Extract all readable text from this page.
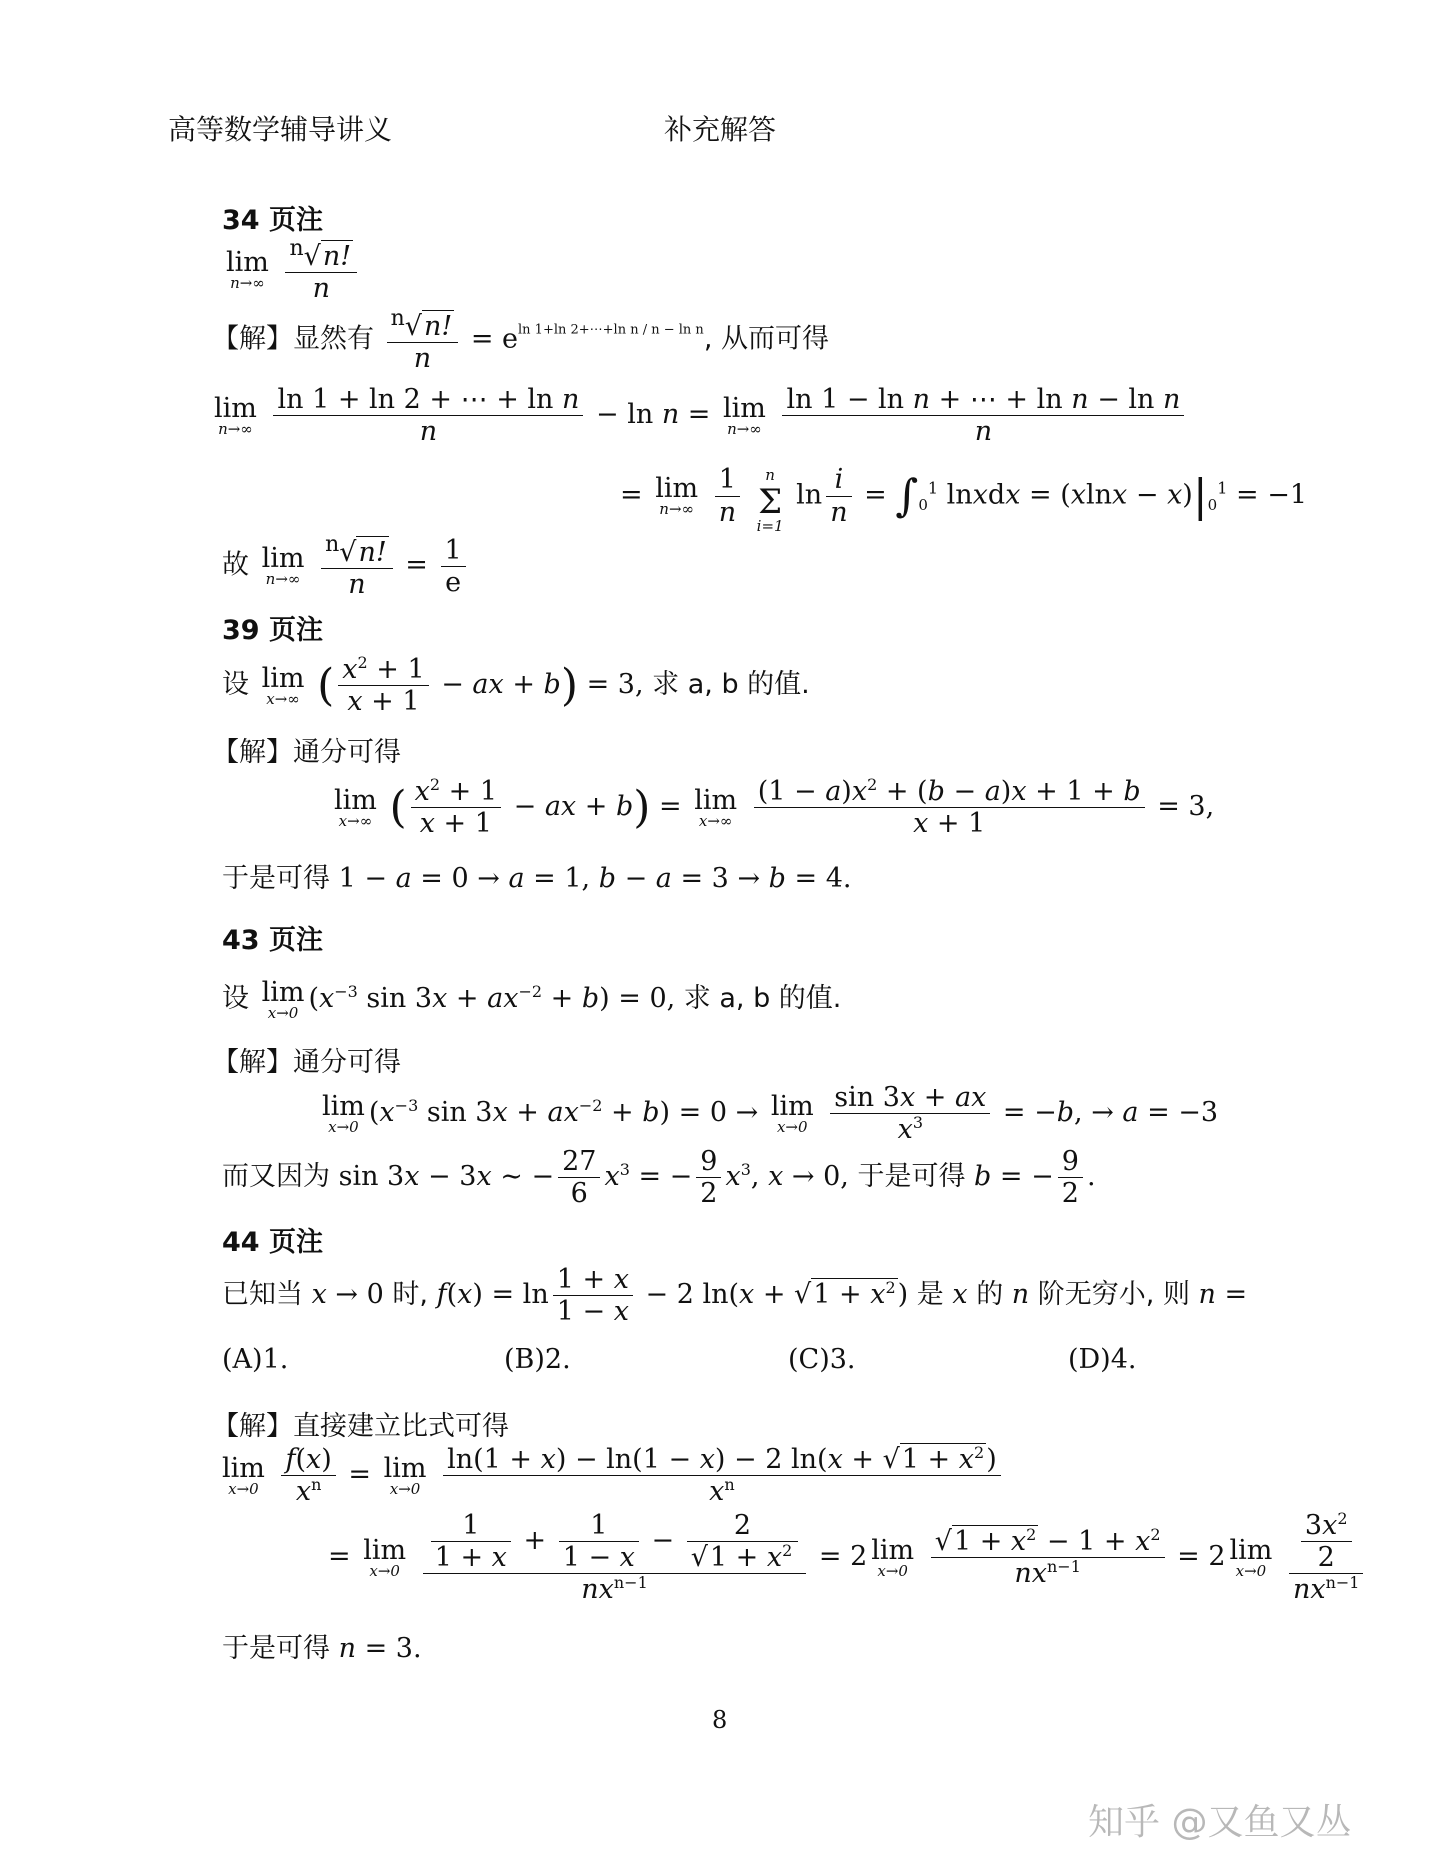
高等数学辅导讲义	补充解答
34 页注
lim
n→∞
$\frac{^n√n!}{n}$
【解】显然有 $\frac{^n√n!}{n} = e^{ln 1+ln 2+\cdots+ln n / n - ln n}$, 从而可得
lim
n→∞
$\frac{\text{ln 1 + ln 2 + ⋯ + ln n}}{n} - \ln n = \lim$
n→∞
$\frac{\text{ln 1 − ln n + ⋯ + ln n − ln n}}{n}$
= lim
n→∞
$\frac{1}{n}$ n
Σ
i=1
$\ln \frac{i}{n} = \int_0^1$ lnxdx = $(xlnx - x)|_0^1 = -1$
故 lim
n→∞
$\frac{^n√n!}{n} = \frac{1}{e}$
39 页注
设 lim
x→∞ ( $\frac{x^2 + 1}{x + 1}$ − ax + b) = 3, 求 a, b 的值.
【解】通分可得
lim
x→∞ ( $\frac{x^2 + 1}{x + 1}$ − ax + b) = lim
x→∞
$\frac{(1 - a)x^2 + (b - a)x + 1 + b}{x + 1} = 3$,
于是可得 1 − a = 0 → a = 1, b − a = 3 → b = 4.
43 页注
设 lim
x→0 ($x^{-3}$ $\sin 3x + ax^{-2} + b) = 0$, 求 a, b 的值.
【解】通分可得
lim
x→0 ($x^{-3}$ $\sin 3x + ax^{-2} + b) = 0 \to \lim$
x→0
$\frac{\sin 3x + ax}{x^3} = -b$, → a = −3
而又因为 sin 3x − 3x ∼ − $\frac{27}{6} x^3$ = − $\frac{9}{2} x^3$, x → 0, 于是可得 b = − $\frac{9}{2}$ .
44 页注
已知当 x → 0 时, $f(x) = \ln \frac{1 + x}{1 - x} - 2$ $\ln(x + √1 + x^2)$ 是 x 的 n 阶无穷小, 则 n =
(A)1.	(B)2.	(C)3.	(D)4.
【解】直接建立比式可得
lim
x→0
$\frac{f(x)}{x^n} = \lim$
x→0
$\frac{\ln(1 + x) - \ln(1 - x) - 2 \ln(x + √1 + x^2)}{x^n}$
= lim
x→0
$\frac{\frac{1}{1 + x} + \frac{1}{1 - x} - \frac{2}{√1 + x^2}}{nx^{n-1}} = 2$ lim
x→0
$\frac{√1 + x^2 - 1 + x^2}{nx^{n-1}} = 2$ lim
x→0
$\frac{\frac{3x^2}{2}}{nx^{n-1}}$
于是可得 n = 3.
8
知乎 @又鱼又丛
